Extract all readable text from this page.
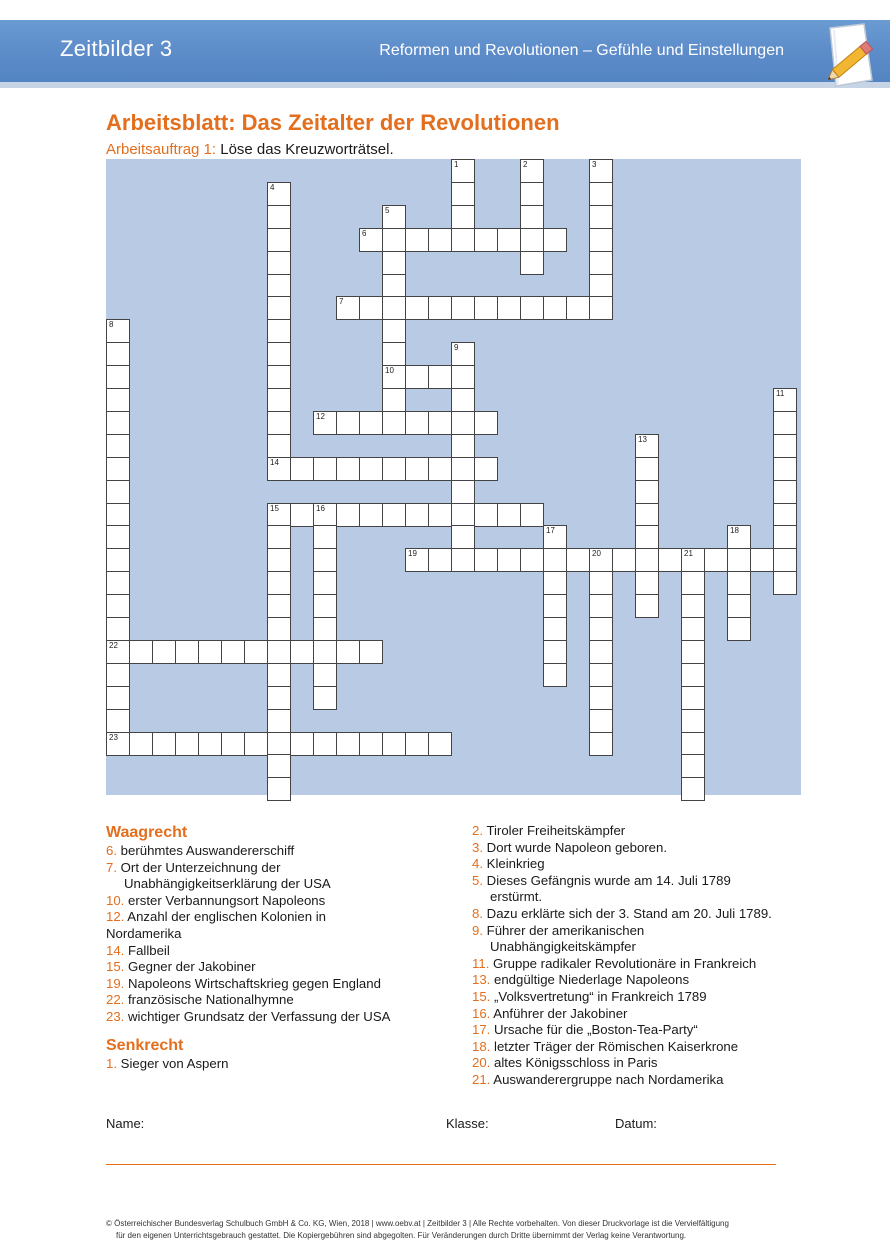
Zeitbilder 3	Reformen und Revolutionen – Gefühle und Einstellungen
Arbeitsblatt: Das Zeitalter der Revolutionen
Arbeitsauftrag 1: Löse das Kreuzworträtsel.
1	2	3
4
5
10
6
7
8
22
9
11
12
13
14
15	16
17	18
19	20	21
23
Waagrecht
6. berühmtes Auswandererschiff
7. Ort der Unterzeichnung der
Unabhängigkeitserklärung der USA
10. erster Verbannungsort Napoleons
12. Anzahl der englischen Kolonien in
Nordamerika
14. Fallbeil
15. Gegner der Jakobiner
19. Napoleons Wirtschaftskrieg gegen England
22. französische Nationalhymne
23. wichtiger Grundsatz der Verfassung der USA
Senkrecht
1. Sieger von Aspern
2. Tiroler Freiheitskämpfer
3. Dort wurde Napoleon geboren.
4. Kleinkrieg
5. Dieses Gefängnis wurde am 14. Juli 1789
erstürmt.
8. Dazu erklärte sich der 3. Stand am 20. Juli 1789.
9. Führer der amerikanischen
Unabhängigkeitskämpfer
11. Gruppe radikaler Revolutionäre in Frankreich
13. endgültige Niederlage Napoleons
15. „Volksvertretung“ in Frankreich 1789
16. Anführer der Jakobiner
17. Ursache für die „Boston-Tea-Party“
18. letzter Träger der Römischen Kaiserkrone
20. altes Königsschloss in Paris
21. Auswanderergruppe nach Nordamerika
Name:	Klasse:	Datum:
© Österreichischer Bundesverlag Schulbuch GmbH & Co. KG, Wien, 2018 | www.oebv.at | Zeitbilder 3 | Alle Rechte vorbehalten. Von dieser Druckvorlage ist die Vervielfältigung
für den eigenen Unterrichtsgebrauch gestattet. Die Kopiergebühren sind abgegolten. Für Veränderungen durch Dritte übernimmt der Verlag keine Verantwortung.
